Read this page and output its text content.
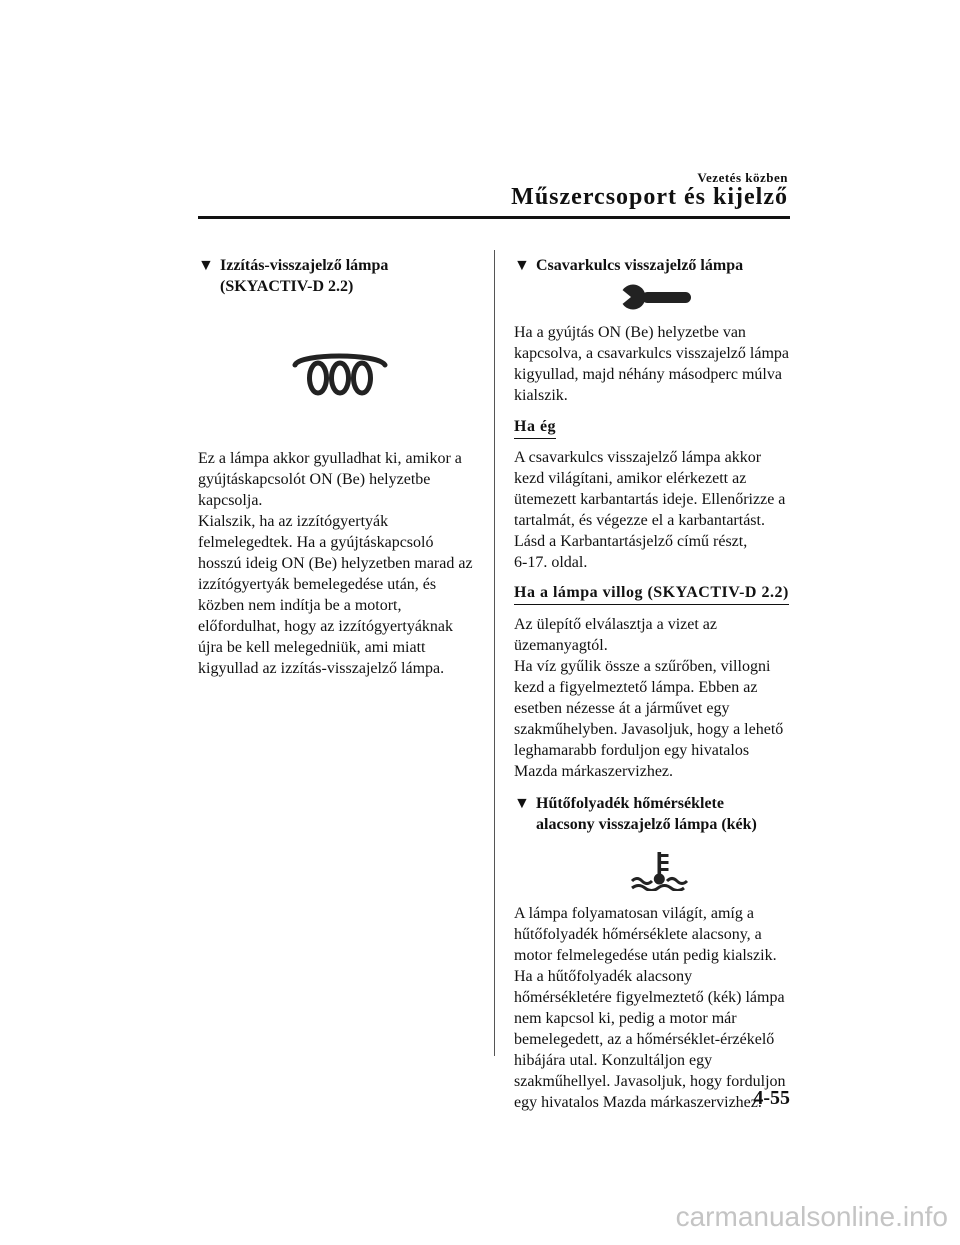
Vezetés közben
Műszercsoport és kijelző
▼ Izzítás-visszajelző lámpa
(SKYACTIV-D 2.2)

Ez a lámpa akkor gyulladhat ki, amikor a

gyújtáskapcsolót ON (Be) helyzetbe

kapcsolja.

Kialszik, ha az izzítógyertyák

felmelegedtek. Ha a gyújtáskapcsoló

hosszú ideig ON (Be) helyzetben marad az

izzítógyertyák bemelegedése után, és

közben nem indítja be a motort,

előfordulhat, hogy az izzítógyertyáknak

újra be kell melegedniük, ami miatt

kigyullad az izzítás-visszajelző lámpa.

▼ Csavarkulcs visszajelző lámpa

Ha a gyújtás ON (Be) helyzetbe van

kapcsolva, a csavarkulcs visszajelző lámpa

kigyullad, majd néhány másodperc múlva

kialszik.

Ha ég

A csavarkulcs visszajelző lámpa akkor

kezd világítani, amikor elérkezett az

ütemezett karbantartás ideje. Ellenőrizze a

tartalmát, és végezze el a karbantartást.

Lásd a Karbantartásjelző című részt,

6-17. oldal.

Ha a lámpa villog (SKYACTIV-D 2.2)

Az ülepítő elválasztja a vizet az

üzemanyagtól.

Ha víz gyűlik össze a szűrőben, villogni

kezd a figyelmeztető lámpa. Ebben az

esetben nézesse át a járművet egy

szakműhelyben. Javasoljuk, hogy a lehető

leghamarabb forduljon egy hivatalos

Mazda márkaszervizhez.

▼ Hűtőfolyadék hőmérséklete
alacsony visszajelző lámpa (kék)

A lámpa folyamatosan világít, amíg a

hűtőfolyadék hőmérséklete alacsony, a

motor felmelegedése után pedig kialszik.

Ha a hűtőfolyadék alacsony

hőmérsékletére figyelmeztető (kék) lámpa

nem kapcsol ki, pedig a motor már

bemelegedett, az a hőmérséklet-érzékelő

hibájára utal. Konzultáljon egy

szakműhellyel. Javasoljuk, hogy forduljon

egy hivatalos Mazda márkaszervizhez.

4-55
carmanualsonline.info
